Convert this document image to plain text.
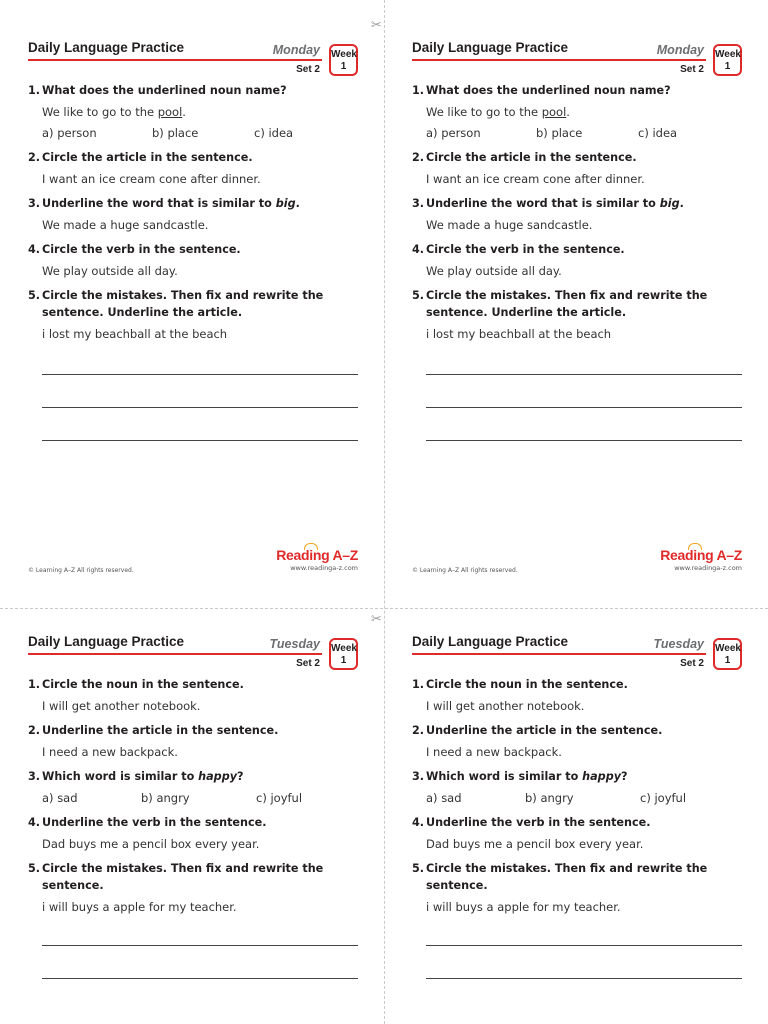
✂
✂
Daily Language Practice	Monday
Set 2
Week
1
1. What does the underlined noun name?
We like to go to the pool.
a) person	b) place	c) idea
2. Circle the article in the sentence.
I want an ice cream cone after dinner.
3. Underline the word that is similar to big.
We made a huge sandcastle.
4. Circle the verb in the sentence.
We play outside all day.
5. Circle the mistakes. Then fix and rewrite the sentence. Underline the article.
i lost my beachball at the beach
© Learning A–Z All rights reserved.
Reading A–Z
www.readinga-z.com
Daily Language Practice	Monday
Set 2
Week
1
1. What does the underlined noun name?
We like to go to the pool.
a) person	b) place	c) idea
2. Circle the article in the sentence.
I want an ice cream cone after dinner.
3. Underline the word that is similar to big.
We made a huge sandcastle.
4. Circle the verb in the sentence.
We play outside all day.
5. Circle the mistakes. Then fix and rewrite the sentence. Underline the article.
i lost my beachball at the beach
© Learning A–Z All rights reserved.
Reading A–Z
www.readinga-z.com
Daily Language Practice	Tuesday
Set 2
Week
1
1. Circle the noun in the sentence.
I will get another notebook.
2. Underline the article in the sentence.
I need a new backpack.
3. Which word is similar to happy?
a) sad	b) angry	c) joyful
4. Underline the verb in the sentence.
Dad buys me a pencil box every year.
5. Circle the mistakes. Then fix and rewrite the sentence.
i will buys a apple for my teacher.
Daily Language Practice	Tuesday
Set 2
Week
1
1. Circle the noun in the sentence.
I will get another notebook.
2. Underline the article in the sentence.
I need a new backpack.
3. Which word is similar to happy?
a) sad	b) angry	c) joyful
4. Underline the verb in the sentence.
Dad buys me a pencil box every year.
5. Circle the mistakes. Then fix and rewrite the sentence.
i will buys a apple for my teacher.
